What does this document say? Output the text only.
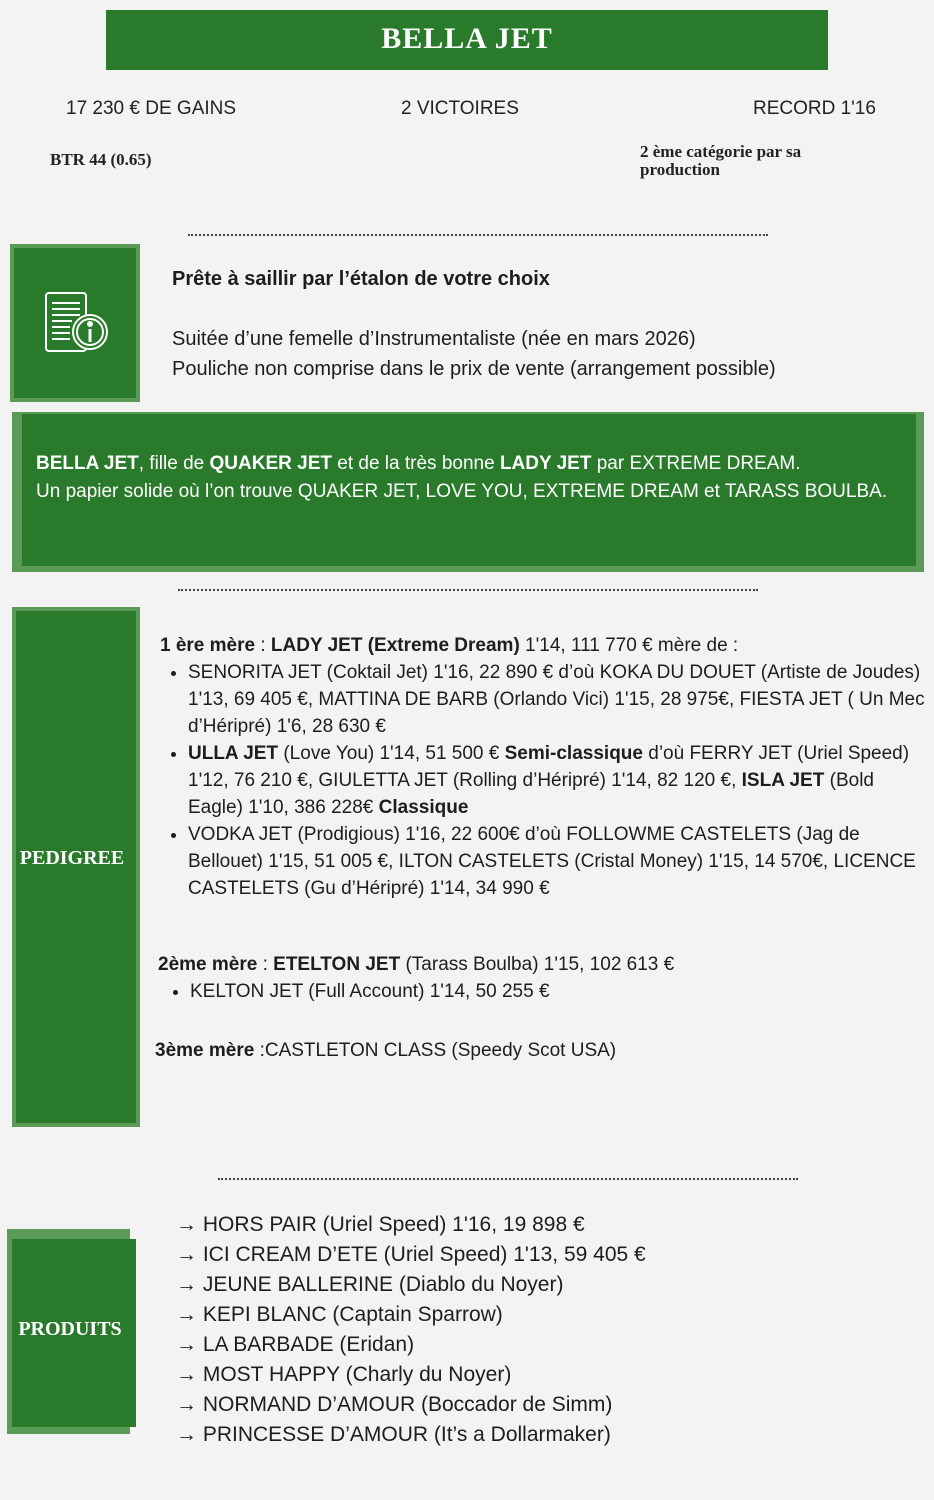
BELLA JET
17 230 € DE GAINS	2 VICTOIRES	RECORD 1'16
BTR 44 (0.65)	2 ème catégorie par sa production
Prête à saillir par l’étalon de votre choix
Suitée d’une femelle d’Instrumentaliste (née en mars 2026)
Pouliche non comprise dans le prix de vente (arrangement possible)
BELLA JET, fille de QUAKER JET et de la très bonne LADY JET par EXTREME DREAM.
Un papier solide où l’on trouve QUAKER JET, LOVE YOU, EXTREME DREAM et TARASS BOULBA.
PEDIGREE
1 ère mère : LADY JET (Extreme Dream) 1'14, 111 770 € mère de :
• SENORITA JET (Coktail Jet) 1'16, 22 890 € d’où KOKA DU DOUET (Artiste de Joudes) 1'13, 69 405 €, MATTINA DE BARB (Orlando Vici) 1'15, 28 975€, FIESTA JET ( Un Mec d’Héripré) 1'6, 28 630 €
• ULLA JET (Love You) 1'14, 51 500 € Semi-classique d’où FERRY JET (Uriel Speed) 1'12, 76 210 €, GIULETTA JET (Rolling d’Héripré) 1'14, 82 120 €, ISLA JET (Bold Eagle) 1'10, 386 228€ Classique
• VODKA JET (Prodigious) 1'16, 22 600€ d’où FOLLOWME CASTELETS (Jag de Bellouet) 1'15, 51 005 €, ILTON CASTELETS (Cristal Money) 1'15, 14 570€, LICENCE CASTELETS (Gu d’Héripré) 1'14, 34 990 €
2ème mère : ETELTON JET (Tarass Boulba) 1'15, 102 613 €
• KELTON JET (Full Account) 1'14, 50 255 €
3ème mère :CASTLETON CLASS (Speedy Scot USA)
PRODUITS
→ HORS PAIR (Uriel Speed) 1'16, 19 898 €
→ ICI CREAM D’ETE (Uriel Speed) 1'13, 59 405 €
→ JEUNE BALLERINE (Diablo du Noyer)
→ KEPI BLANC (Captain Sparrow)
→ LA BARBADE (Eridan)
→ MOST HAPPY (Charly du Noyer)
→ NORMAND D’AMOUR (Boccador de Simm)
→ PRINCESSE D’AMOUR (It’s a Dollarmaker)
